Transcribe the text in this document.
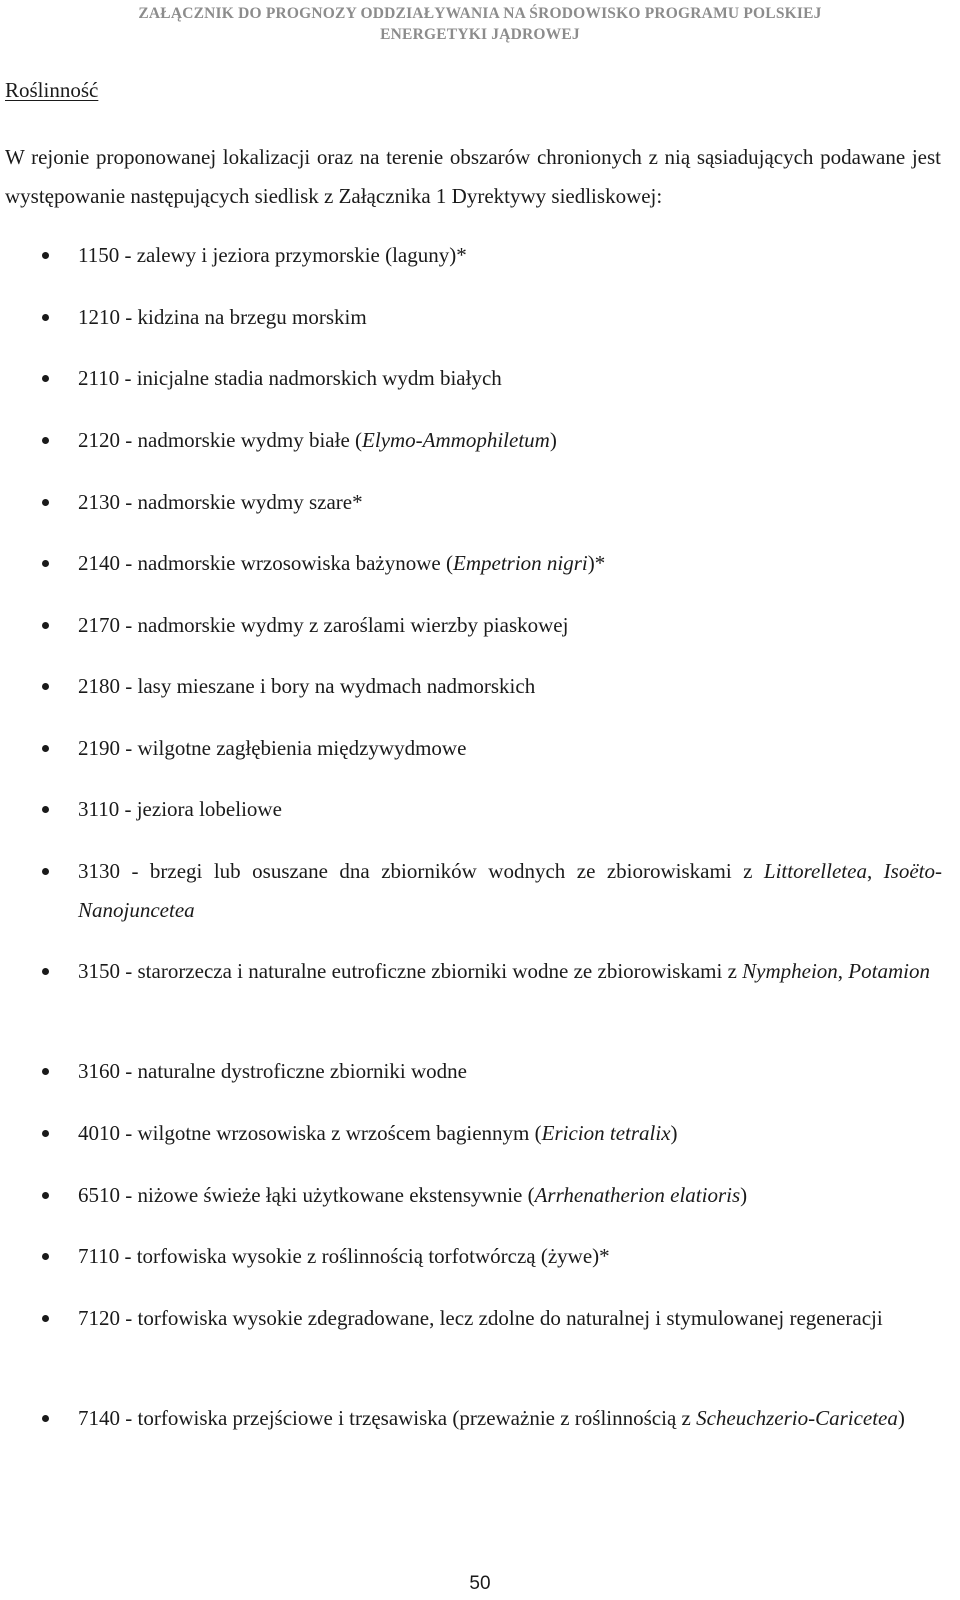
ZAŁĄCZNIK DO PROGNOZY ODDZIAŁYWANIA NA ŚRODOWISKO PROGRAMU POLSKIEJ
ENERGETYKI JĄDROWEJ
Roślinność

W rejonie proponowanej lokalizacji oraz na terenie obszarów chronionych z nią sąsiadujących podawane jest występowanie następujących siedlisk z Załącznika 1 Dyrektywy siedliskowej:

1150 - zalewy i jeziora przymorskie (laguny)*
1210 - kidzina na brzegu morskim
2110 - inicjalne stadia nadmorskich wydm białych
2120 - nadmorskie wydmy białe (Elymo-Ammophiletum)
2130 - nadmorskie wydmy szare*
2140 - nadmorskie wrzosowiska bażynowe (Empetrion nigri)*
2170 - nadmorskie wydmy z zaroślami wierzby piaskowej
2180 - lasy mieszane i bory na wydmach nadmorskich
2190 - wilgotne zagłębienia międzywydmowe
3110 - jeziora lobeliowe
3130 - brzegi lub osuszane dna zbiorników wodnych ze zbiorowiskami z Littorelletea, Isoëto-Nanojuncetea
3150 - starorzecza i naturalne eutroficzne zbiorniki wodne ze zbiorowiskami z Nympheion, Potamion
3160 - naturalne dystroficzne zbiorniki wodne
4010 - wilgotne wrzosowiska z wrzoścem bagiennym (Ericion tetralix)
6510 - niżowe świeże łąki użytkowane ekstensywnie (Arrhenatherion elatioris)
7110 - torfowiska wysokie z roślinnością torfotwórczą (żywe)*
7120 - torfowiska wysokie zdegradowane, lecz zdolne do naturalnej i stymulowanej regeneracji
7140 - torfowiska przejściowe i trzęsawiska (przeważnie z roślinnością z Scheuchzerio-Caricetea)
50
